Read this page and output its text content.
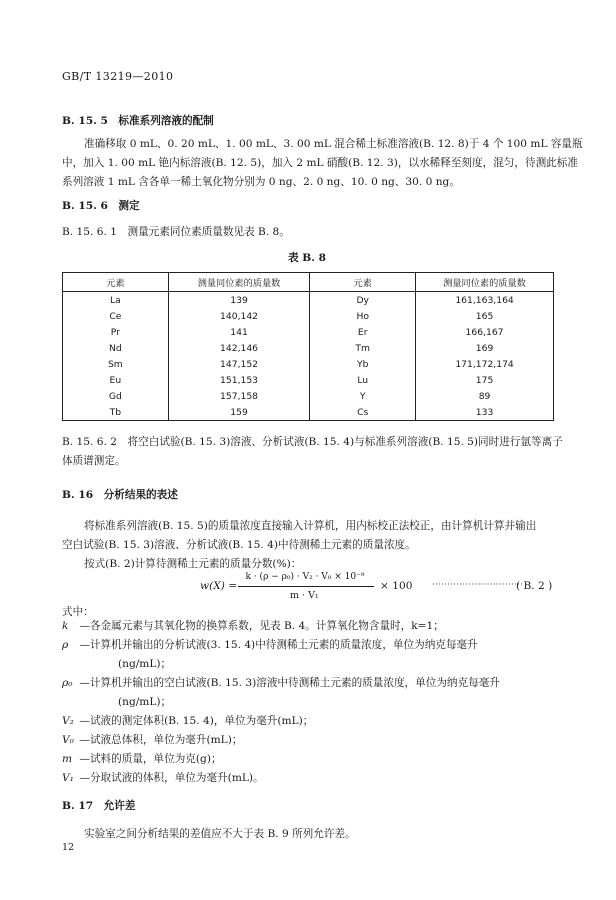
GB/T 13219—2010
B. 15. 5　标准系列溶液的配制
准确移取 0 mL、0. 20 mL、1. 00 mL、3. 00 mL 混合稀土标准溶液(B. 12. 8)于 4 个 100 mL 容量瓶
中，加入 1. 00 mL 铯内标溶液(B. 12. 5)，加入 2 mL 硝酸(B. 12. 3)，以水稀释至刻度，混匀，待测此标准
系列溶液 1 mL 含各单一稀土氧化物分别为 0 ng、2. 0 ng、10. 0 ng、30. 0 ng。
B. 15. 6　测定
B. 15. 6. 1　测量元素同位素质量数见表 B. 8。
表 B. 8
元素	测量同位素的质量数	元素	测量同位素的质量数
La	139	Dy	161,163,164
Ce	140,142	Ho	165
Pr	141	Er	166,167
Nd	142,146	Tm	169
Sm	147,152	Yb	171,172,174
Eu	151,153	Lu	175
Gd	157,158	Y	89
Tb	159	Cs	133
B. 15. 6. 2　将空白试验(B. 15. 3)溶液、分析试液(B. 15. 4)与标准系列溶液(B. 15. 5)同时进行氩等离子
体质谱测定。
B. 16　分析结果的表述
将标准系列溶液(B. 15. 5)的质量浓度直接输入计算机，用内标校正法校正，由计算机计算并输出
空白试验(B. 15. 3)溶液、分析试液(B. 15. 4)中待测稀土元素的质量浓度。
按式(B. 2)计算待测稀土元素的质量分数(%)：
w(X) =
k · (ρ − ρ₀) · V₂ · V₀ × 10⁻⁹
m · V₁
× 100 ······························
( B. 2 )
式中：
k —各金属元素与其氧化物的换算系数，见表 B. 4。计算氧化物含量时，k=1；
ρ —计算机并输出的分析试液(3. 15. 4)中待测稀土元素的质量浓度，单位为纳克每毫升
(ng/mL)；
ρ₀ —计算机并输出的空白试液(B. 15. 3)溶液中待测稀土元素的质量浓度，单位为纳克每毫升
(ng/mL)；
V₂ —试液的测定体积(B. 15. 4)，单位为毫升(mL)；
V₀ —试液总体积，单位为毫升(mL)；
m —试料的质量，单位为克(g)；
V₁ —分取试液的体积，单位为毫升(mL)。
B. 17　允许差
实验室之间分析结果的差值应不大于表 B. 9 所列允许差。
12
